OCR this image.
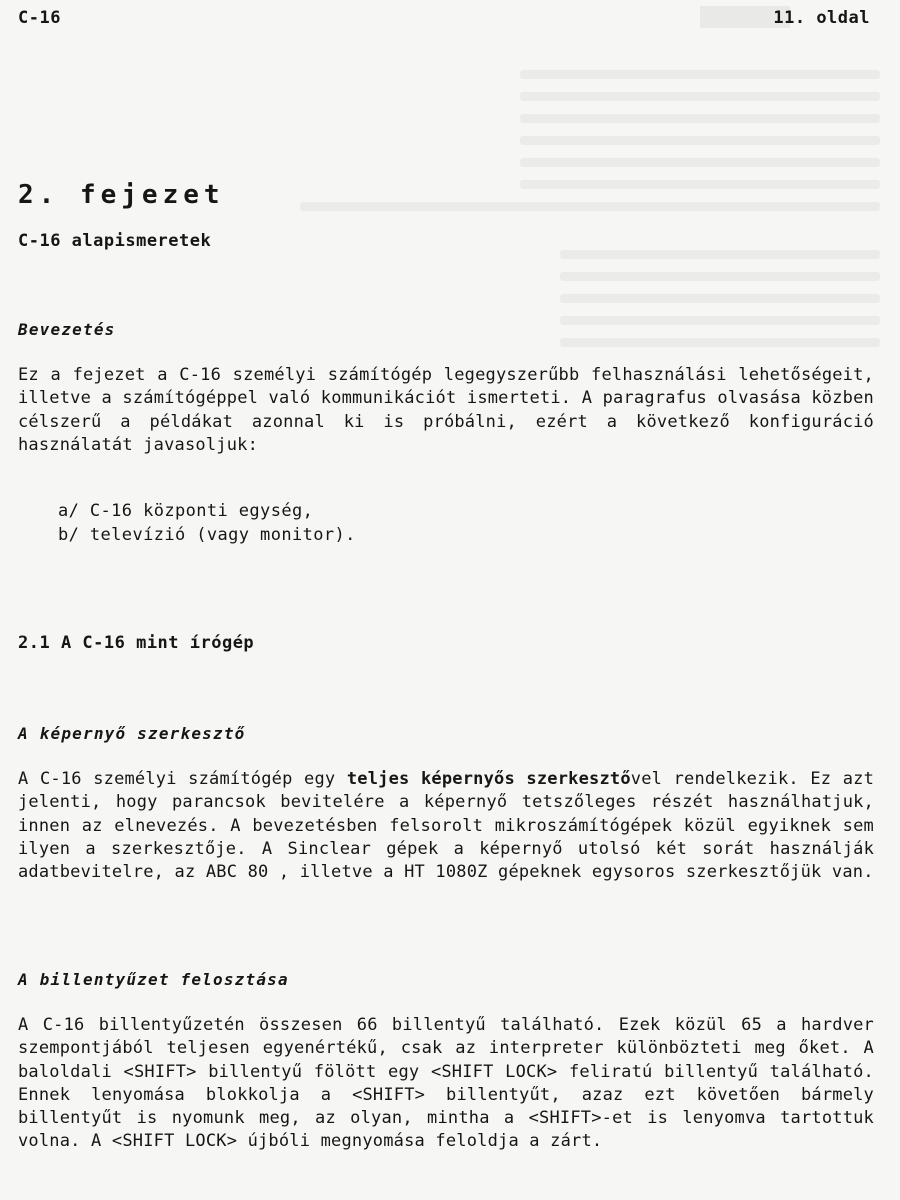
C-16	11. oldal
2. fejezet
C-16 alapismeretek
Bevezetés

Ez a fejezet a C-16 személyi számítógép legegyszerűbb felhasználási lehetőségeit, illetve a számítógéppel való kommunikációt ismerteti. A paragrafus olvasása közben célszerű a példákat azonnal ki is próbálni, ezért a következő konfiguráció használatát javasoljuk:

a/ C-16 központi egység,
b/ televízió (vagy monitor).
2.1 A C-16 mint írógép
A képernyő szerkesztő

A C-16 személyi számítógép egy teljes képernyős szerkesztővel rendelkezik. Ez azt jelenti, hogy parancsok bevitelére a képernyő tetszőleges részét használhatjuk, innen az elnevezés. A bevezetésben felsorolt mikroszámítógépek közül egyiknek sem ilyen a szerkesztője. A Sinclear gépek a képernyő utolsó két sorát használják adatbevitelre, az ABC 80 , illetve a HT 1080Z gépeknek egysoros szerkesztőjük van.

A billentyűzet felosztása

A C-16 billentyűzetén összesen 66 billentyű található. Ezek közül 65 a hardver szempontjából teljesen egyenértékű, csak az interpreter különbözteti meg őket. A baloldali <SHIFT> billentyű fölött egy <SHIFT LOCK> feliratú billentyű található. Ennek lenyomása blokkolja a <SHIFT> billentyűt, azaz ezt követően bármely billentyűt is nyomunk meg, az olyan, mintha a <SHIFT>-et is lenyomva tartottuk volna. A <SHIFT LOCK> újbóli megnyomása feloldja a zárt.
